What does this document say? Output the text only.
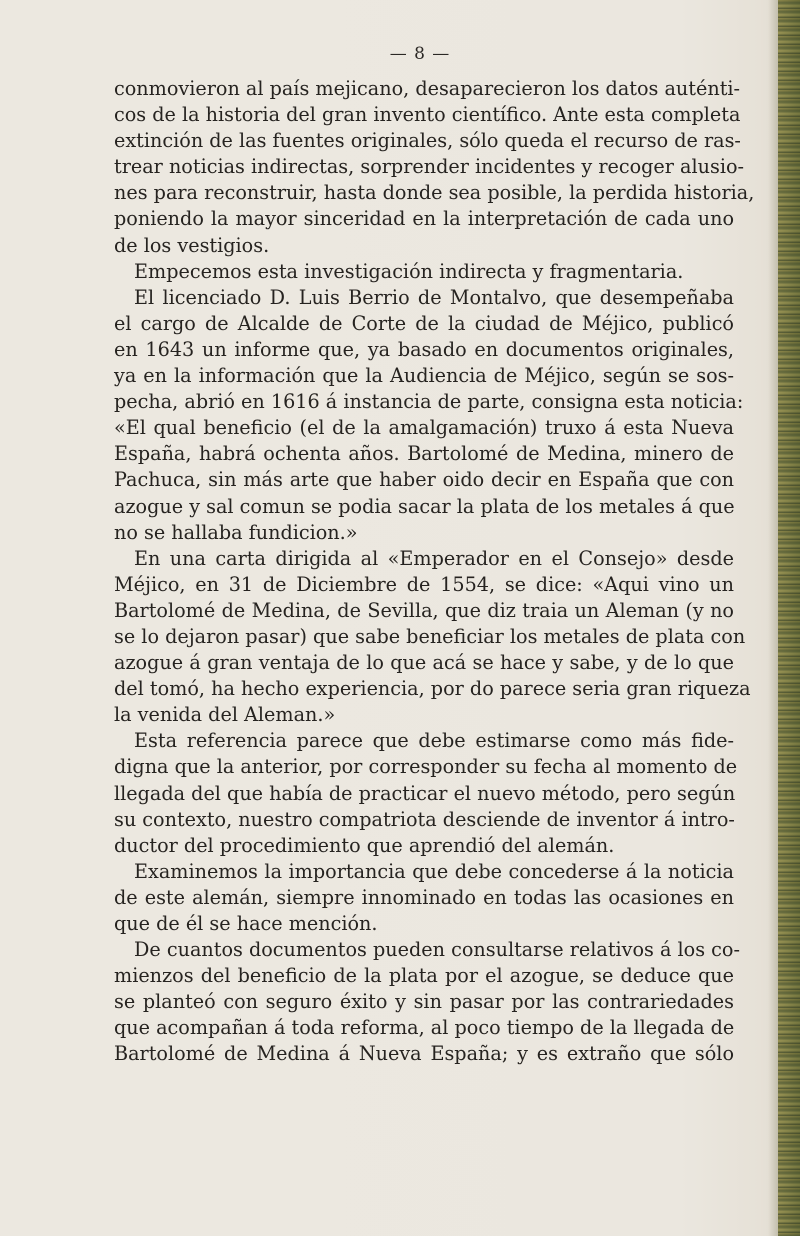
— 8 —
conmovieron al país mejicano, desaparecieron los datos auténti-
cos de la historia del gran invento científico. Ante esta completa
extinción de las fuentes originales, sólo queda el recurso de ras-
trear noticias indirectas, sorprender incidentes y recoger alusio-
nes para reconstruir, hasta donde sea posible, la perdida historia,
poniendo la mayor sinceridad en la interpretación de cada uno
de los vestigios.
Empecemos esta investigación indirecta y fragmentaria.
El licenciado D. Luis Berrio de Montalvo, que desempeñaba
el cargo de Alcalde de Corte de la ciudad de Méjico, publicó
en 1643 un informe que, ya basado en documentos originales,
ya en la información que la Audiencia de Méjico, según se sos-
pecha, abrió en 1616 á instancia de parte, consigna esta noticia:
«El qual beneficio (el de la amalgamación) truxo á esta Nueva
España, habrá ochenta años. Bartolomé de Medina, minero de
Pachuca, sin más arte que haber oido decir en España que con
azogue y sal comun se podia sacar la plata de los metales á que
no se hallaba fundicion.»
En una carta dirigida al «Emperador en el Consejo» desde
Méjico, en 31 de Diciembre de 1554, se dice: «Aqui vino un
Bartolomé de Medina, de Sevilla, que diz traia un Aleman (y no
se lo dejaron pasar) que sabe beneficiar los metales de plata con
azogue á gran ventaja de lo que acá se hace y sabe, y de lo que
del tomó, ha hecho experiencia, por do parece seria gran riqueza
la venida del Aleman.»
Esta referencia parece que debe estimarse como más fide-
digna que la anterior, por corresponder su fecha al momento de
llegada del que había de practicar el nuevo método, pero según
su contexto, nuestro compatriota desciende de inventor á intro-
ductor del procedimiento que aprendió del alemán.
Examinemos la importancia que debe concederse á la noticia
de este alemán, siempre innominado en todas las ocasiones en
que de él se hace mención.
De cuantos documentos pueden consultarse relativos á los co-
mienzos del beneficio de la plata por el azogue, se deduce que
se planteó con seguro éxito y sin pasar por las contrariedades
que acompañan á toda reforma, al poco tiempo de la llegada de
Bartolomé de Medina á Nueva España; y es extraño que sólo
